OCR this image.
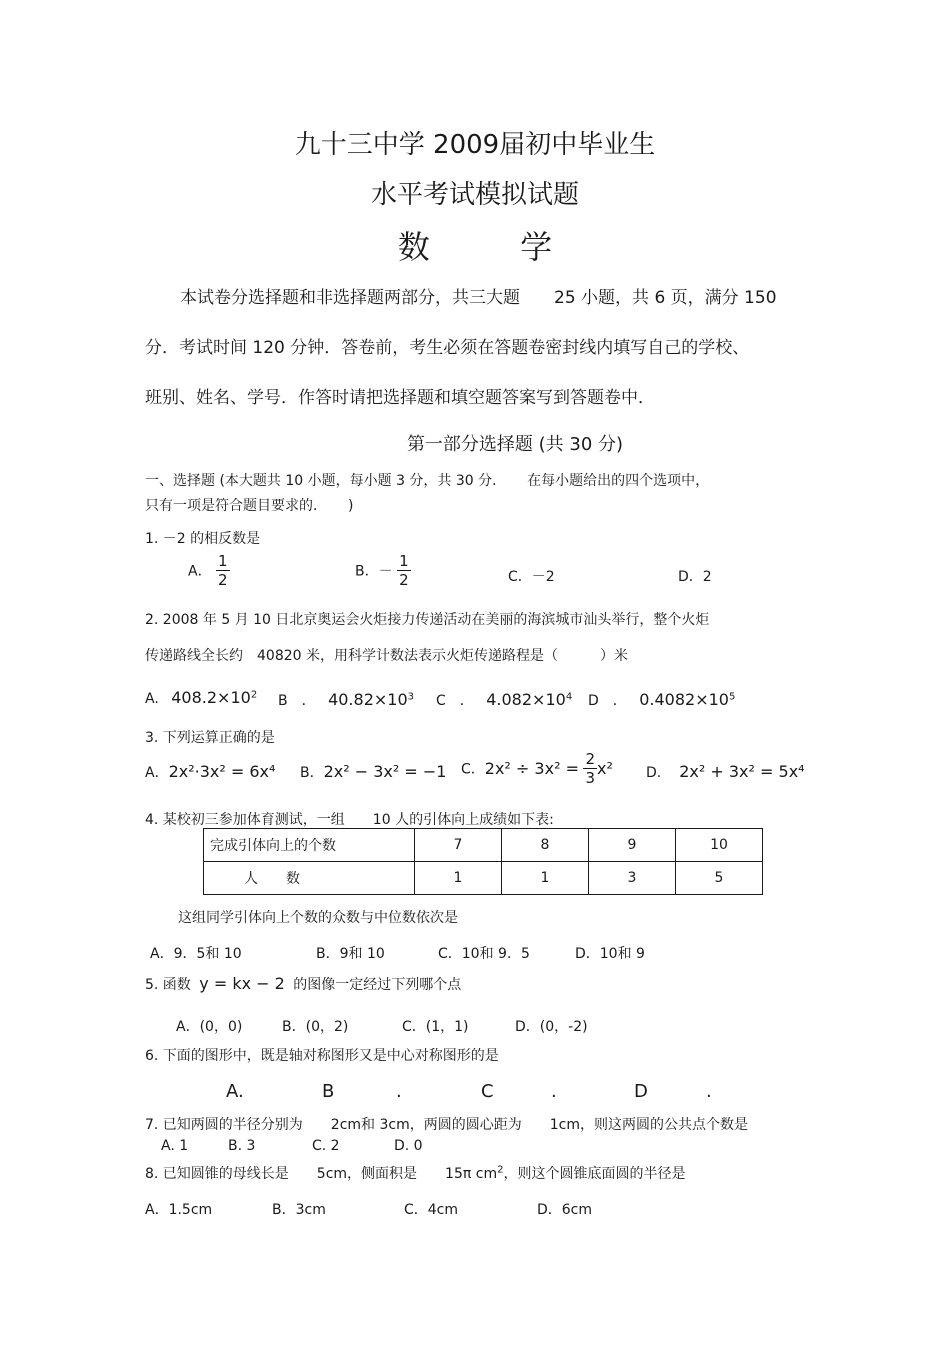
九十三中学 2009届初中毕业生
水平考试模拟试题
数 学
本试卷分选择题和非选择题两部分，共三大题　　25 小题，共 6 页，满分 150
分．考试时间 120 分钟．答卷前，考生必须在答题卷密封线内填写自己的学校、
班别、姓名、学号．作答时请把选择题和填空题答案写到答题卷中．
第一部分选择题 (共 30 分)
一、选择题 (本大题共 10 小题，每小题 3 分，共 30 分．　　在每小题给出的四个选项中，
只有一项是符合题目要求的．　　)
1. －2 的相反数是
A． $\frac{1}{2}$	B．－ $\frac{1}{2}$	C．－2	D．2
2. 2008 年 5 月 10 日北京奥运会火炬接力传递活动在美丽的海滨城市汕头举行，整个火炬
传递路线全长约　40820 米，用科学计数法表示火炬传递路程是（　　　）米
A. $408.2\times 10^2$ B　． $40.82\times 10^3$ C　． $4.082\times 10^4$ D　． $0.4082\times 10^5$
3. 下列运算正确的是
A．2x²·3x² = 6x⁴ B．2x² − 3x² = −1 C．$2x^2 \div 3x^2 = \frac{2}{3} x^2$ D. 2x² + 3x² = 5x⁴
4. 某校初三参加体育测试，一组　　10 人的引体向上成绩如下表:
完成引体向上的个数	7	8	9	10
人　　数	1	1	3	5
这组同学引体向上个数的众数与中位数依次是
A．9．5和 10	B．9和 10	C．10和 9．5	D．10和 9
5. 函数 y = kx − 2 的图像一定经过下列哪个点
A．(0，0)	B．(0，2)	C．(1，1)	D．(0，-2)
6. 下面的图形中，既是轴对称图形又是中心对称图形的是
A.	B	.	C	.	D	.
7. 已知两圆的半径分别为　　2cm和 3cm，两圆的圆心距为　　1cm，则这两圆的公共点个数是
A. 1	B. 3	C. 2	D. 0
8. 已知圆锥的母线长是　　5cm，侧面积是　　15π $cm^2$，则这个圆锥底面圆的半径是
A．1.5cm	B．3cm	C．4cm	D．6cm
